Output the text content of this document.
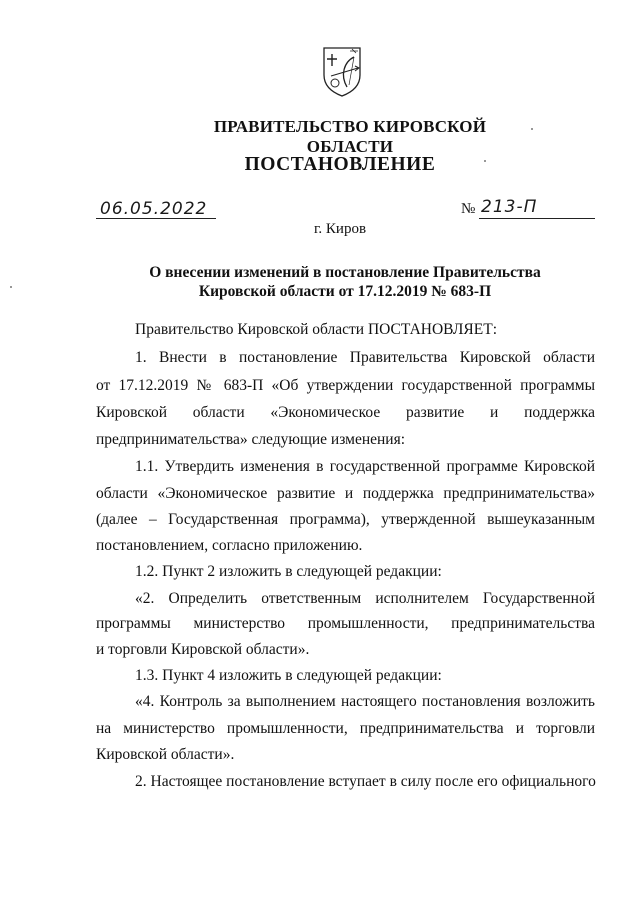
ПРАВИТЕЛЬСТВО КИРОВСКОЙ ОБЛАСТИ
ПОСТАНОВЛЕНИЕ
06.05.2022	№ 213-П
г. Киров
О внесении изменений в постановление Правительства
Кировской области от 17.12.2019 № 683-П
Правительство Кировской области ПОСТАНОВЛЯЕТ:
1. Внести в постановление Правительства Кировской области
от 17.12.2019 № 683-П «Об утверждении государственной программы
Кировской области «Экономическое развитие и поддержка
предпринимательства» следующие изменения:
1.1. Утвердить изменения в государственной программе Кировской
области «Экономическое развитие и поддержка предпринимательства»
(далее – Государственная программа), утвержденной вышеуказанным
постановлением, согласно приложению.
1.2. Пункт 2 изложить в следующей редакции:
«2. Определить ответственным исполнителем Государственной
программы министерство промышленности, предпринимательства
и торговли Кировской области».
1.3. Пункт 4 изложить в следующей редакции:
«4. Контроль за выполнением настоящего постановления возложить
на министерство промышленности, предпринимательства и торговли
Кировской области».
2. Настоящее постановление вступает в силу после его официального
